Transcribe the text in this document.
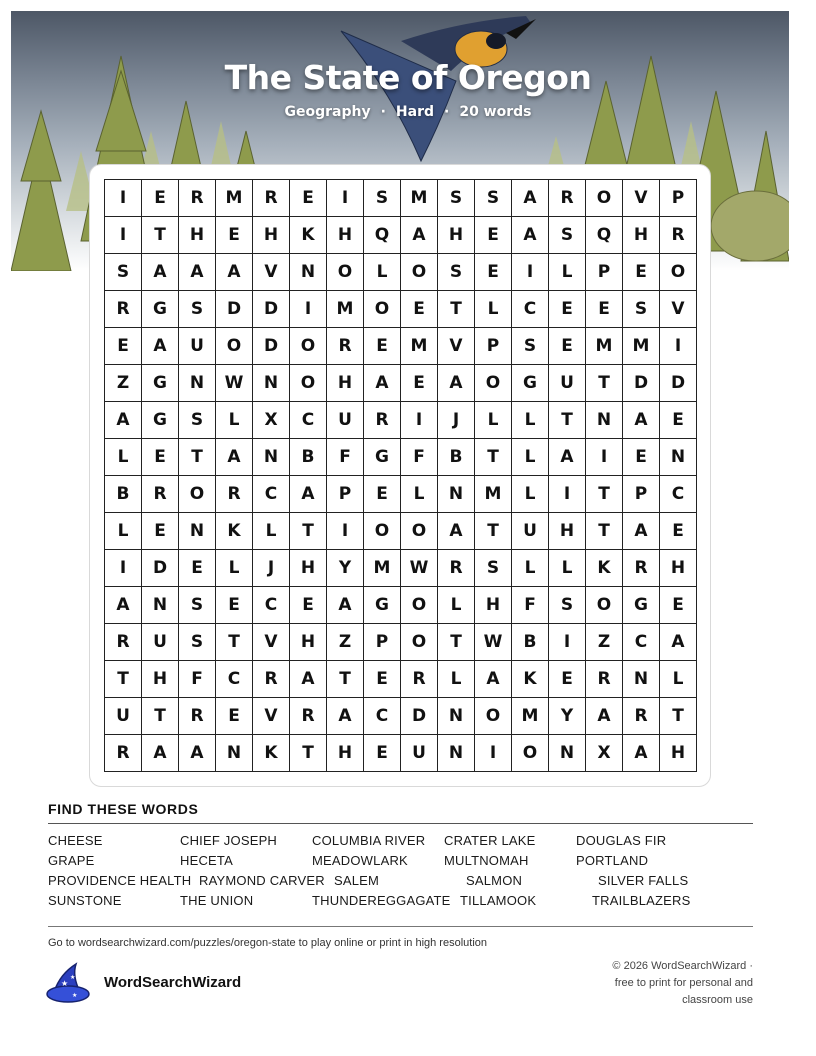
The State of Oregon
Geography · Hard · 20 words
I	E	R	M	R	E	I	S	M	S	S	A	R	O	V	P
I	T	H	E	H	K	H	Q	A	H	E	A	S	Q	H	R
S	A	A	A	V	N	O	L	O	S	E	I	L	P	E	O
R	G	S	D	D	I	M	O	E	T	L	C	E	E	S	V
E	A	U	O	D	O	R	E	M	V	P	S	E	M	M	I
Z	G	N	W	N	O	H	A	E	A	O	G	U	T	D	D
A	G	S	L	X	C	U	R	I	J	L	L	T	N	A	E
L	E	T	A	N	B	F	G	F	B	T	L	A	I	E	N
B	R	O	R	C	A	P	E	L	N	M	L	I	T	P	C
L	E	N	K	L	T	I	O	O	A	T	U	H	T	A	E
I	D	E	L	J	H	Y	M	W	R	S	L	L	K	R	H
A	N	S	E	C	E	A	G	O	L	H	F	S	O	G	E
R	U	S	T	V	H	Z	P	O	T	W	B	I	Z	C	A
T	H	F	C	R	A	T	E	R	L	A	K	E	R	N	L
U	T	R	E	V	R	A	C	D	N	O	M	Y	A	R	T
R	A	A	N	K	T	H	E	U	N	I	O	N	X	A	H
FIND THESE WORDS
CHEESE	CHIEF JOSEPH	COLUMBIA RIVER CRATER LAKE	DOUGLAS FIR
GRAPE	HECETA	MEADOWLARK	MULTNOMAH	PORTLAND
PROVIDENCE HEALTH RAYMOND CARVER SALEM	SALMON	SILVER FALLS
SUNSTONE	THE UNION	THUNDEREGGAGATE TILLAMOOK	TRAILBLAZERS
Go to wordsearchwizard.com/puzzles/oregon-state to play online or print in high resolution
★
★
★
WordSearchWizard
© 2026 WordSearchWizard ·
free to print for personal and
classroom use
